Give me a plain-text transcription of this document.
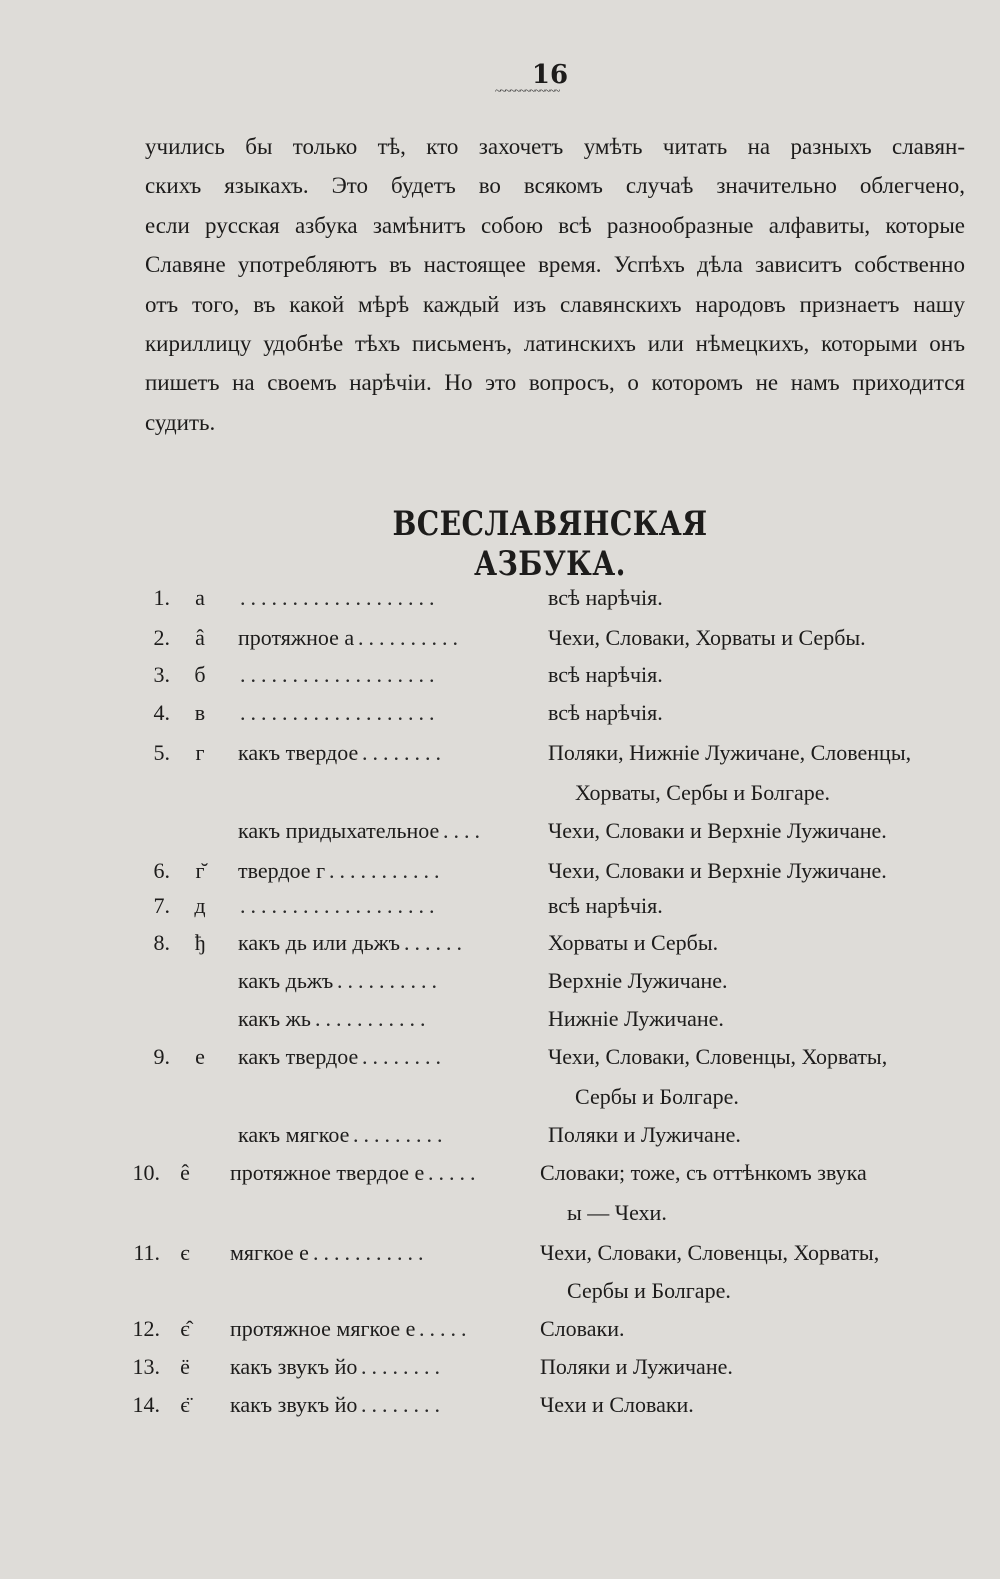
16
~~~~~~~~~~~~~
учились бы только тѣ, кто захочетъ умѣть читать на разныхъ славян-
скихъ языкахъ. Это будетъ во всякомъ случаѣ значительно облегчено,
если русская азбука замѣнитъ собою всѣ разнообразные алфавиты, которые
Славяне употребляютъ въ настоящее время. Успѣхъ дѣла зависитъ собственно
отъ того, въ какой мѣрѣ каждый изъ славянскихъ народовъ признаетъ нашу
кириллицу удобнѣе тѣхъ письменъ, латинскихъ или нѣмецкихъ, которыми онъ
пишетъ на своемъ нарѣчіи. Но это вопросъ, о которомъ не намъ приходится
судить.
ВСЕСЛАВЯНСКАЯ АЗБУКА.
1.	а	...................	всѣ нарѣчія.
2.	â	протяжное а ..........	Чехи, Словаки, Хорваты и Сербы.
3.	б	...................	всѣ нарѣчія.
4.	в	...................	всѣ нарѣчія.
5.	г	какъ твердое ........	Поляки, Нижніе Лужичане, Словенцы,
Хорваты, Сербы и Болгаре.
какъ придыхательное ....	Чехи, Словаки и Верхніе Лужичане.
6.	г̆	твердое г ...........	Чехи, Словаки и Верхніе Лужичане.
7.	д	...................	всѣ нарѣчія.
8.	ђ	какъ дь или дьжъ ......	Хорваты и Сербы.
какъ дьжъ ..........	Верхніе Лужичане.
какъ жь ...........	Нижніе Лужичане.
9.	е	какъ твердое ........	Чехи, Словаки, Словенцы, Хорваты,
Сербы и Болгаре.
какъ мягкое .........	Поляки и Лужичане.
10. ê	протяжное твердое е .....	Словаки; тоже, съ оттѣнкомъ звука
ы — Чехи.
11. є	мягкое е ...........	Чехи, Словаки, Словенцы, Хорваты,
Сербы и Болгаре.
12. є̂	протяжное мягкое е .....	Словаки.
13. ё	какъ звукъ йо ........	Поляки и Лужичане.
14. є̈	какъ звукъ йо ........	Чехи и Словаки.
